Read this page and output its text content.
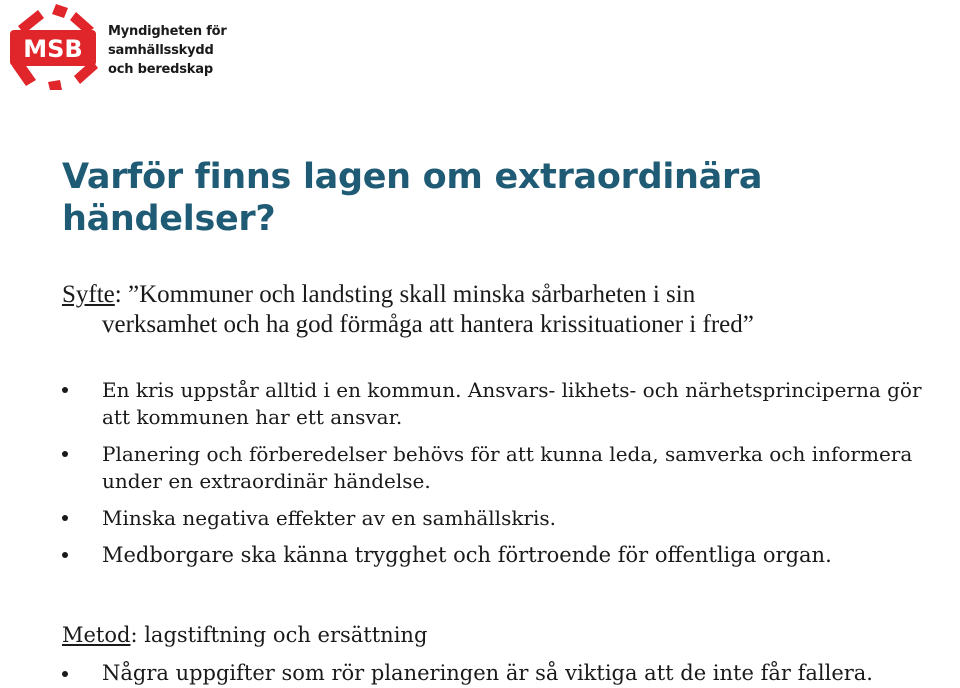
MSB
Myndigheten för
samhällsskydd
och beredskap
Varför finns lagen om extraordinära
händelser?
Syfte: ”Kommuner och landsting skall minska sårbarheten i sin
verksamhet och ha god förmåga att hantera krissituationer i fred”
En kris uppstår alltid i en kommun. Ansvars- likhets- och närhetsprinciperna gör att kommunen har ett ansvar.
Planering och förberedelser behövs för att kunna leda, samverka och informera under en extraordinär händelse.
Minska negativa effekter av en samhällskris.
Medborgare ska känna trygghet och förtroende för offentliga organ.
Metod: lagstiftning och ersättning
Några uppgifter som rör planeringen är så viktiga att de inte får fallera.
